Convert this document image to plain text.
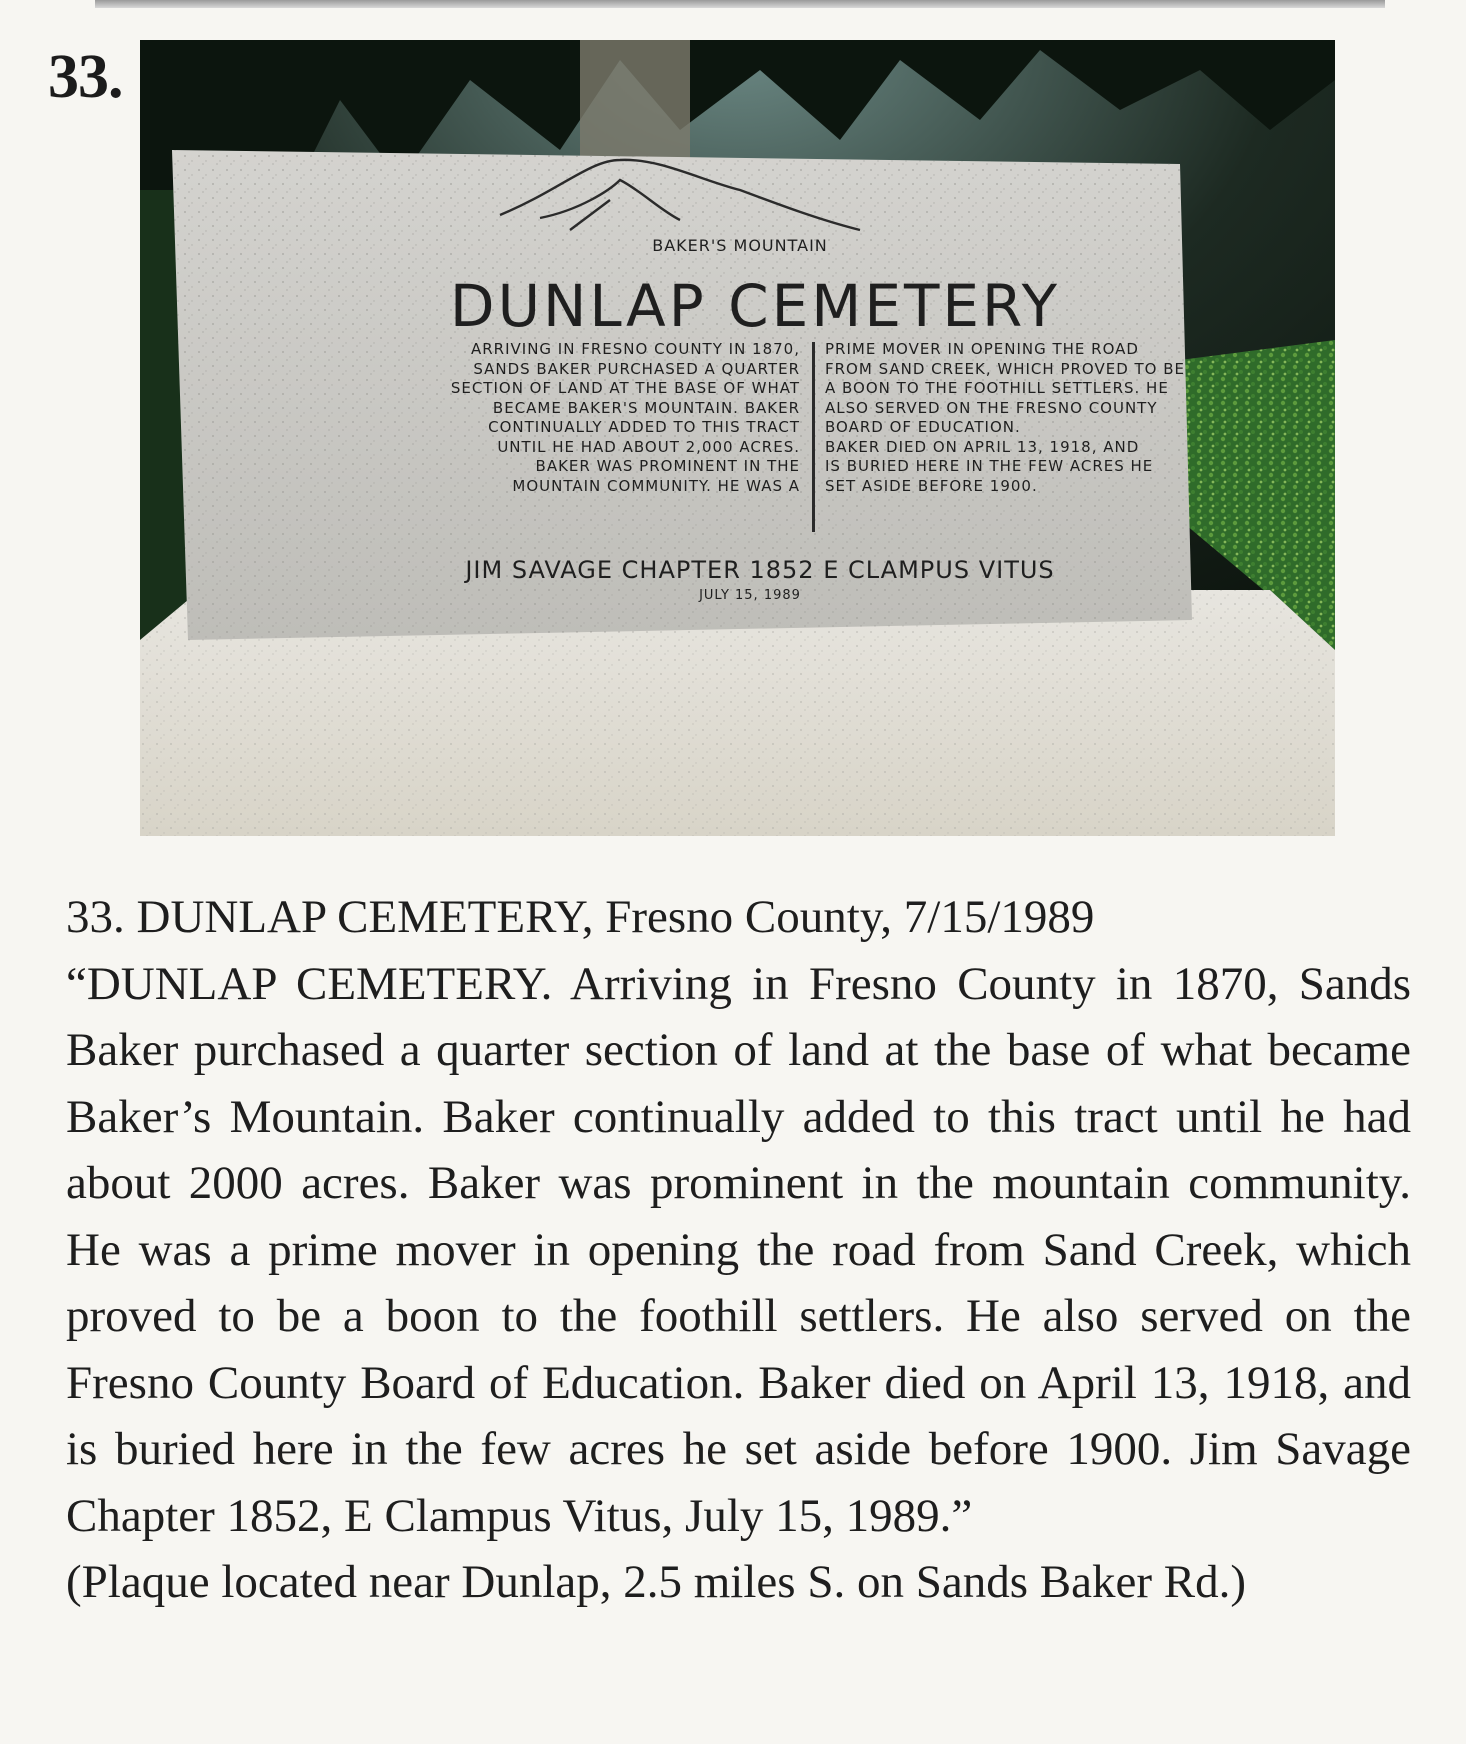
33.
BAKER'S MOUNTAIN
DUNLAP CEMETERY
ARRIVING IN FRESNO COUNTY IN 1870,
SANDS BAKER PURCHASED A QUARTER
SECTION OF LAND AT THE BASE OF WHAT
BECAME BAKER'S MOUNTAIN. BAKER
CONTINUALLY ADDED TO THIS TRACT
UNTIL HE HAD ABOUT 2,000 ACRES.
BAKER WAS PROMINENT IN THE
MOUNTAIN COMMUNITY. HE WAS A
PRIME MOVER IN OPENING THE ROAD
FROM SAND CREEK, WHICH PROVED TO BE
A BOON TO THE FOOTHILL SETTLERS. HE
ALSO SERVED ON THE FRESNO COUNTY
BOARD OF EDUCATION.
BAKER DIED ON APRIL 13, 1918, AND
IS BURIED HERE IN THE FEW ACRES HE
SET ASIDE BEFORE 1900.
JIM SAVAGE CHAPTER 1852 E CLAMPUS VITUS
JULY 15, 1989

33. DUNLAP CEMETERY, Fresno County, 7/15/1989

“DUNLAP CEMETERY. Arriving in Fresno County in 1870, Sands Baker purchased a quarter section of land at the base of what became Baker’s Mountain. Baker continually added to this tract until he had about 2000 acres. Baker was prominent in the mountain community. He was a prime mover in opening the road from Sand Creek, which proved to be a boon to the foothill settlers. He also served on the Fresno County Board of Education. Baker died on April 13, 1918, and is buried here in the few acres he set aside before 1900. Jim Savage Chapter 1852, E Clampus Vitus, July 15, 1989.”

(Plaque located near Dunlap, 2.5 miles S. on Sands Baker Rd.)
